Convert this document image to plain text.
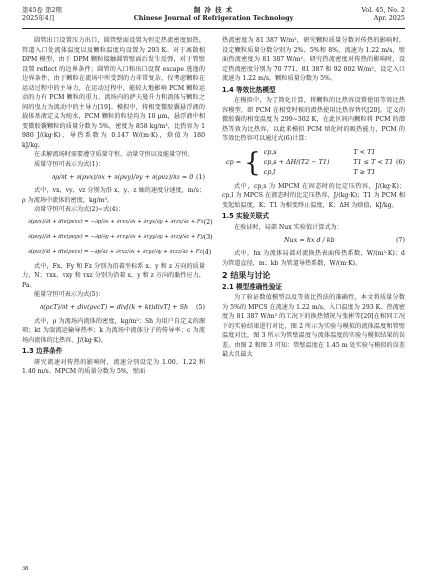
第45卷 第2期
2025年4月
制 冷 技 术
Chinese Journal of Refrigeration Technology
Vol. 45, No. 2
Apr. 2025

圆管出口设置压力出口，圆管壁面设置为恒定热流密度加热，管道入口处流体温度以及颗粒温度均设置为 293 K。对于离散相 DPM 模型，由于 DPM 颗粒接触圆管壁面后发生反弹，对于管壁设置 reflect 的边界条件；圆管的入口和出口设置 escape 逃逸的边界条件，由于颗粒在流场中所受到的力非常复杂，仅考虑颗粒在运动过程中的主导力，在运动过程中，能较大地影响 PCM 颗粒运动的力有 PCM 颗粒的重力、流场内的萨夫曼升力和流体与颗粒之间的曳力为流动中的主导力[19]。模拟中，将相变微胶囊悬浮液的载体基液定义为纯水，PCM 颗粒的粒径均为 10 μm，悬浮液中相变微胶囊颗粒的质量分数为 5%，密度为 858 kg/m³，比热容为 1 980 J/(kg·K)，导热系数为 0.147 W/(m·K)，焓值为 180 kJ/kg。

在求解流场时需要遵守质量守恒、动量守恒以及能量守恒。

质量守恒可表示为式(1)：

∂ρ/∂t + ∂(ρvx)/∂x + ∂(ρvy)/∂y + ∂(ρvz)/∂z = 0 (1)

式中，vx、vy、vz 分别为沿 x、y、z 轴的速度分速度，m/s；ρ 为流场中流体的密度，kg/m³。

动量守恒可表示为式(2)~式(4)：

∂(ρvx)/∂t + div(ρvxv) = −∂p/∂x + ∂τxx/∂x + ∂τyx/∂y + ∂τzx/∂z + Fx (2)
∂(ρvy)/∂t + div(ρvyv) = −∂p/∂y + ∂τxy/∂x + ∂τyy/∂y + ∂τzy/∂z + Fy (3)
∂(ρvz)/∂t + div(ρvzv) = −∂p/∂z + ∂τxz/∂x + ∂τyz/∂y + ∂τzz/∂z + Fz (4)

式中，Fx、Fy 和 Fz 分别为沿着坐标系 x、y 和 z 方向的质量力，N；τxx、τxy 和 τxz 分别为沿着 x、y 和 z 方向的黏性应力，Pa。

能量守恒可表示为式(5)：

∂(ρcT)/∂t + div(ρvcT) = div[(k + kt)divT] + Sh (5)

式中，ρ 为流场内流体的密度，kg/m³；Sh 为用户自定义的源项；kt 为湍流运输导热率；k 为流场中流体分子的传导率；c 为流场内流体的比热容，J/(kg·K)。

1.3 边界条件

研究流速对传热的影响时，流速分别设定为 1.00、1.22 和 1.40 m/s。MPCM 的质量分数为 5%，壁面

热流密度为 81 387 W/m²，研究颗粒质量分数对传热的影响时，设定颗粒质量分数分别为 2%、5%和 8%，流速为 1.22 m/s，壁面热流密度为 81 387 W/m²。研究热流密度对传热的影响时，设定热流密度分别为 70 771、81 387 和 92 002 W/m²，设定入口流速为 1.22 m/s，颗粒质量分数为 5%。

1.4 等效比热模型

在模拟中，为了简化计算，将颗粒的比热容设置使用等效比热容模型，即 PCM 在相变时候的潜热使用比热容替代[20]。定义的微胶囊的相变温度为 299~302 K，在此区间内颗粒将 PCM 的潜热等效为比热容，以此来模拟 PCM 熔化时的吸热能力，PCM 的等效比热容可以通过式(6)计算：

cp = { cp,s	T < T1
cp,s + ΔH/(T2 − T1)	T1 ≤ T < T1
cp,l	T ≥ T1
(6)

式中，cp,s 为 MPCM 在固态时的比定压热容，J/(kg·K)；cp,l 为 MPCS 在液态时的比定压热容，J/(kg·K)；T1 为 PCM 相变起始温度，K；T1 为相变终止温度，K；ΔH 为焓值，kJ/kg。

1.5 实验关联式

在验证时，局部 Nux 实验值计算式为：

Nux = hx d / kb	(7)

式中，hx 为流体局部对流换热表面传热系数，W/(m²·K)；d 为管道直径，m；kb 为管道导热系数，W/(m·K)。

2 结果与讨论
2.1 模型准确性验证

为了验证数值模型以及等效比热法的准确性，本文将质量分数为 5%的 MPCS 在流速为 1.22 m/s、入口温度为 293 K、热流密度为 81 387 W/m² 的工况下的换热情况与张彬等[20]在相同工况下的实验结果进行对比，图 2 所示为实验与模拟的流体温度和管壁温度对比，图 3 所示为管壁温度与流体温度的实验与模拟结果的误差。由图 2 和图 3 可知：管壁温度在 1.45 m 处实验与模拟的误差最大且最大

38
